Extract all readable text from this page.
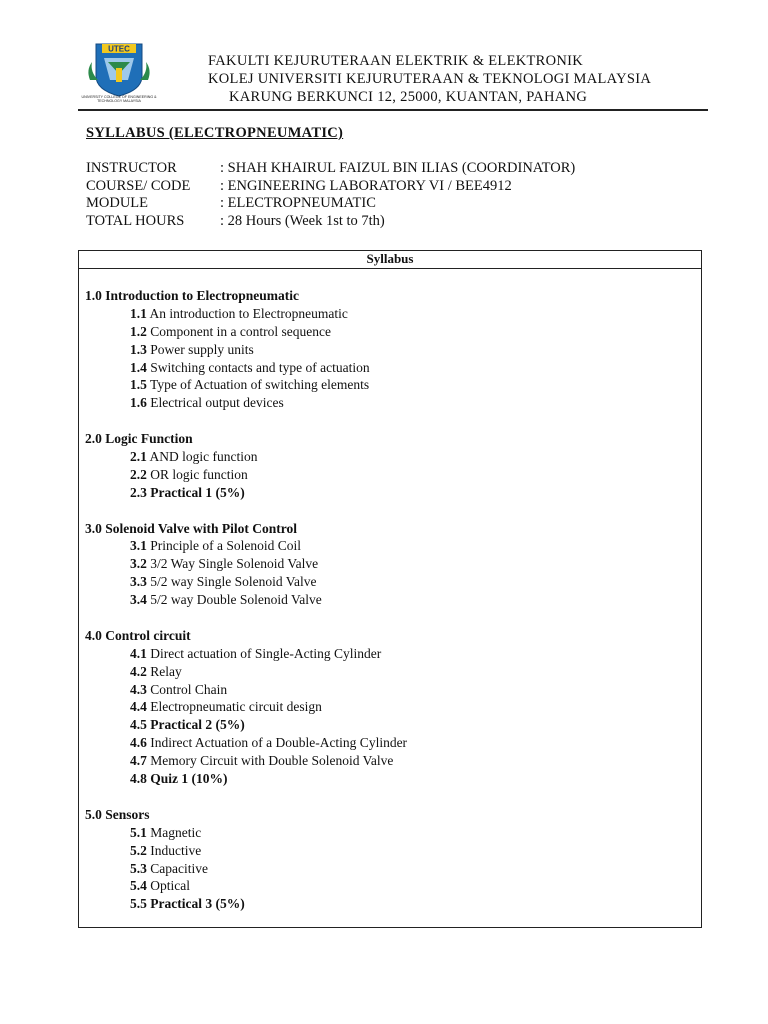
UTEC
UNIVERSITY COLLEGE OF ENGINEERING & TECHNOLOGY MALAYSIA
FAKULTI KEJURUTERAAN ELEKTRIK & ELEKTRONIK
KOLEJ UNIVERSITI KEJURUTERAAN & TEKNOLOGI MALAYSIA
KARUNG BERKUNCI 12, 25000, KUANTAN, PAHANG
SYLLABUS (ELECTROPNEUMATIC)
INSTRUCTOR	: SHAH KHAIRUL FAIZUL BIN ILIAS (COORDINATOR)
COURSE/ CODE : ENGINEERING LABORATORY VI / BEE4912
MODULE	: ELECTROPNEUMATIC
TOTAL HOURS : 28 Hours (Week 1st to 7th)
Syllabus
1.0 Introduction to Electropneumatic
1.1 An introduction to Electropneumatic
1.2 Component in a control sequence
1.3 Power supply units
1.4 Switching contacts and type of actuation
1.5 Type of Actuation of switching elements
1.6 Electrical output devices
2.0 Logic Function
2.1 AND logic function
2.2 OR logic function
2.3 Practical 1 (5%)
3.0 Solenoid Valve with Pilot Control
3.1 Principle of a Solenoid Coil
3.2 3/2 Way Single Solenoid Valve
3.3 5/2 way Single Solenoid Valve
3.4 5/2 way Double Solenoid Valve
4.0 Control circuit
4.1 Direct actuation of Single-Acting Cylinder
4.2 Relay
4.3 Control Chain
4.4 Electropneumatic circuit design
4.5 Practical 2 (5%)
4.6 Indirect Actuation of a Double-Acting Cylinder
4.7 Memory Circuit with Double Solenoid Valve
4.8 Quiz 1 (10%)
5.0 Sensors
5.1 Magnetic
5.2 Inductive
5.3 Capacitive
5.4 Optical
5.5 Practical 3 (5%)
